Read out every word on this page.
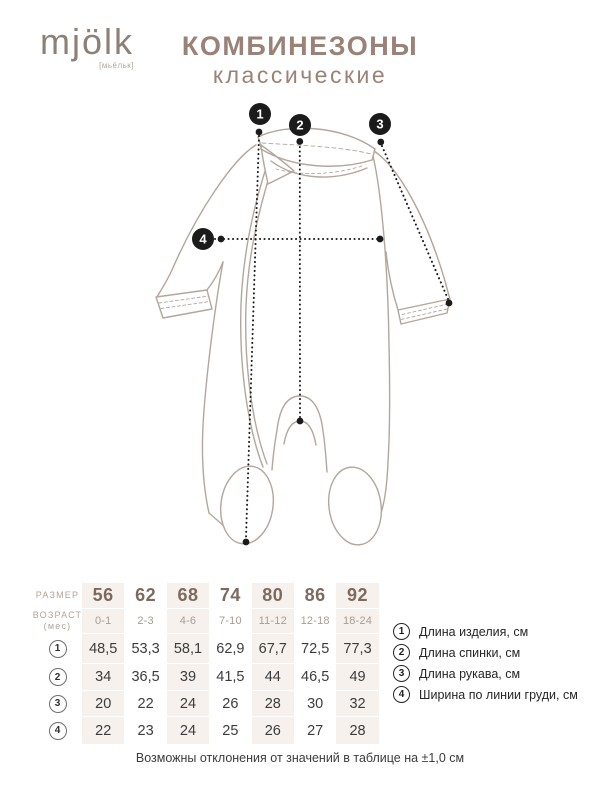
mjölk
[мьёльк]
КОМБИНЕЗОНЫ
классические
1
2	3
4
РАЗМЕР 56 62 68 74 80 86 92
ВОЗРАСТ
(мес)	0-1 2-3 4-6 7-10 11-12 12-18 18-24
1	48,5 53,3 58,1 62,9 67,7 72,5 77,3
2	34 36,5 39 41,5 44 46,5 49
3	20 22 24 26 28 30 32
4	22 23 24 25 26 27 28
1	Длина изделия, см
2	Длина спинки, см
3	Длина рукава, см
4	Ширина по линии груди, см
Возможны отклонения от значений в таблице на ±1,0 см
